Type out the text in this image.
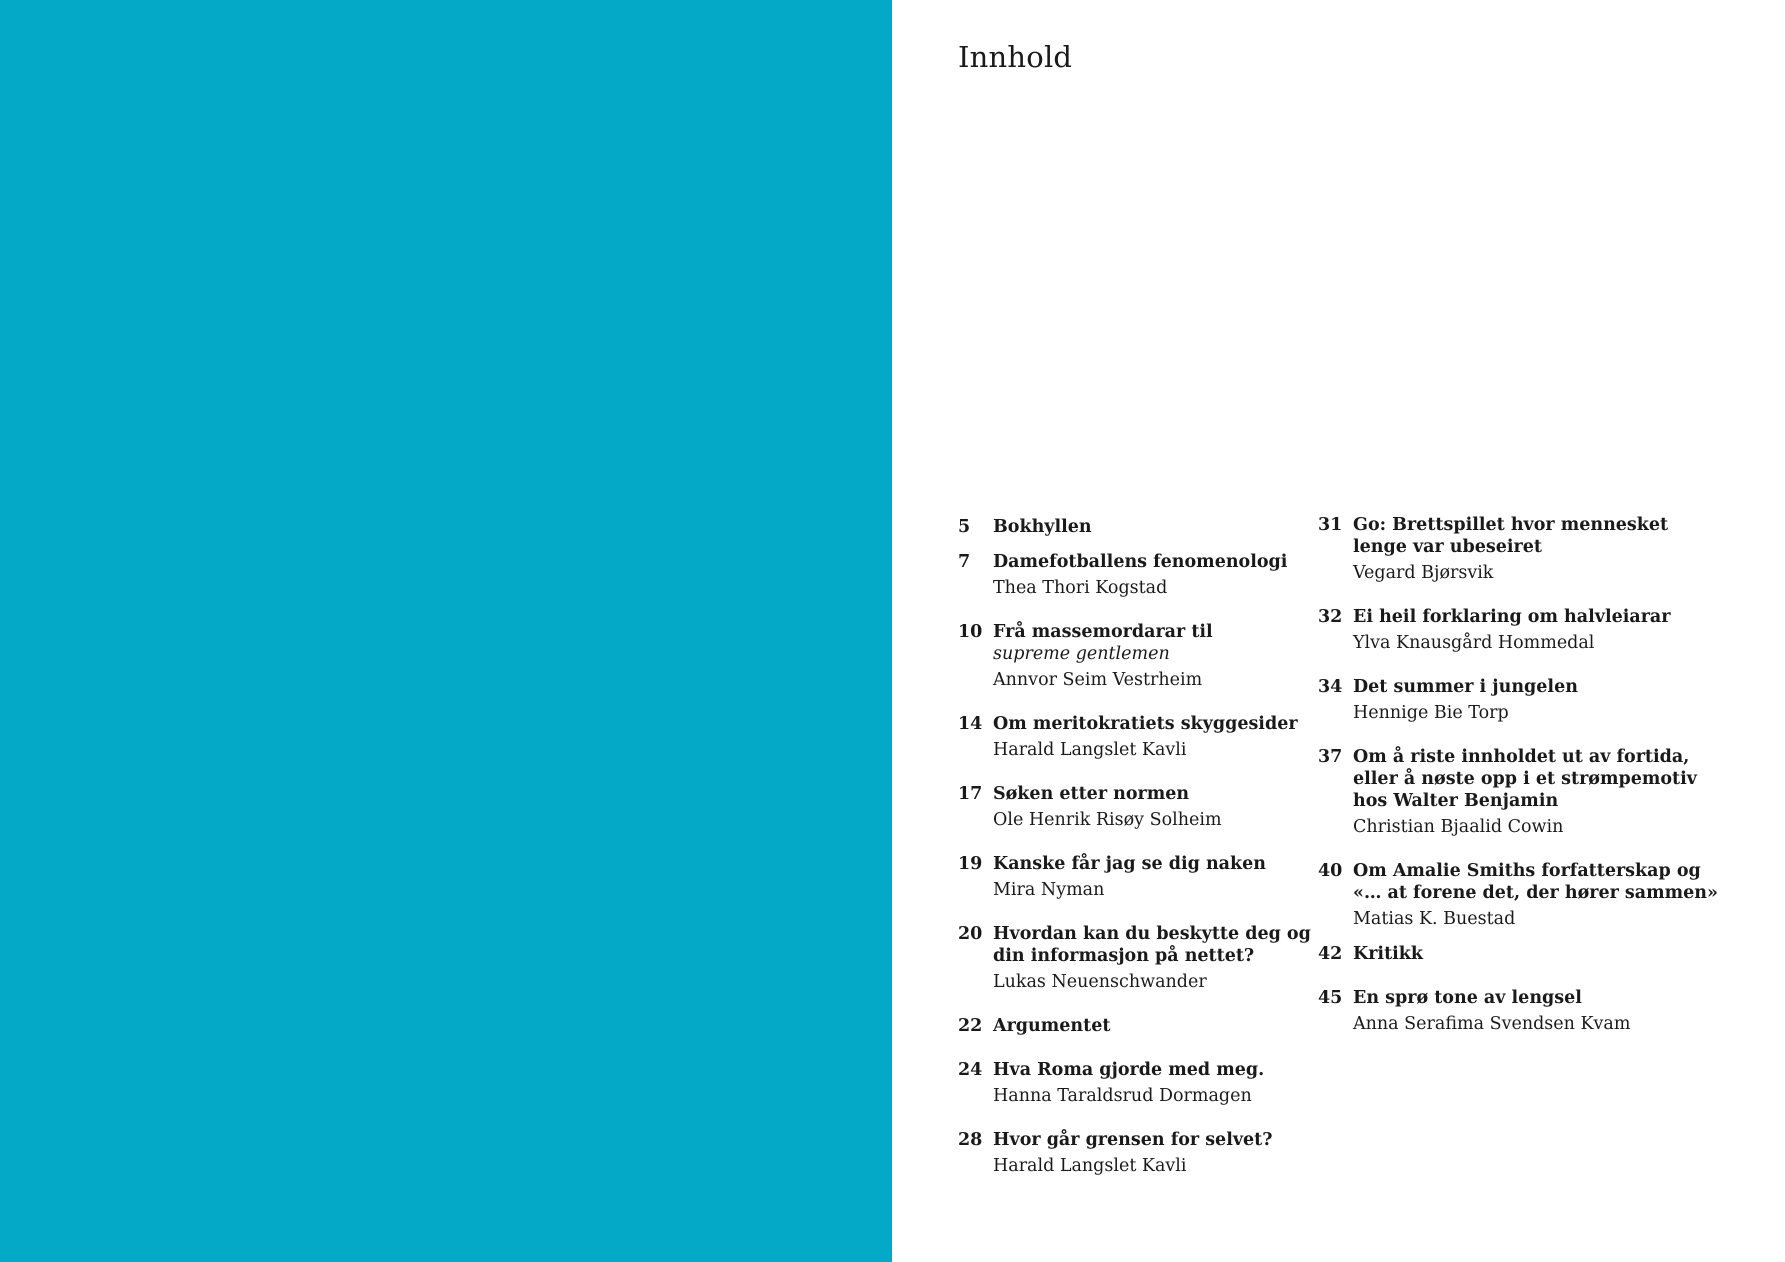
Innhold
5 Bokhyllen
7 Damefotballens fenomenologi
Thea Thori Kogstad
10 Frå massemordarar til
supreme gentlemen
Annvor Seim Vestrheim
14 Om meritokratiets skyggesider
Harald Langslet Kavli
17 Søken etter normen
Ole Henrik Risøy Solheim
19 Kanske får jag se dig naken
Mira Nyman
20 Hvordan kan du beskytte deg og
din informasjon på nettet?
Lukas Neuenschwander
22 Argumentet
24 Hva Roma gjorde med meg.
Hanna Taraldsrud Dormagen
28 Hvor går grensen for selvet?
Harald Langslet Kavli
31 Go: Brettspillet hvor mennesket
lenge var ubeseiret
Vegard Bjørsvik
32 Ei heil forklaring om halvleiarar
Ylva Knausgård Hommedal
34 Det summer i jungelen
Hennige Bie Torp
37 Om å riste innholdet ut av fortida,
eller å nøste opp i et strømpemotiv
hos Walter Benjamin
Christian Bjaalid Cowin
40 Om Amalie Smiths forfatterskap og
«… at forene det, der hører sammen»
Matias K. Buestad
42 Kritikk
45 En sprø tone av lengsel
Anna Serafima Svendsen Kvam
